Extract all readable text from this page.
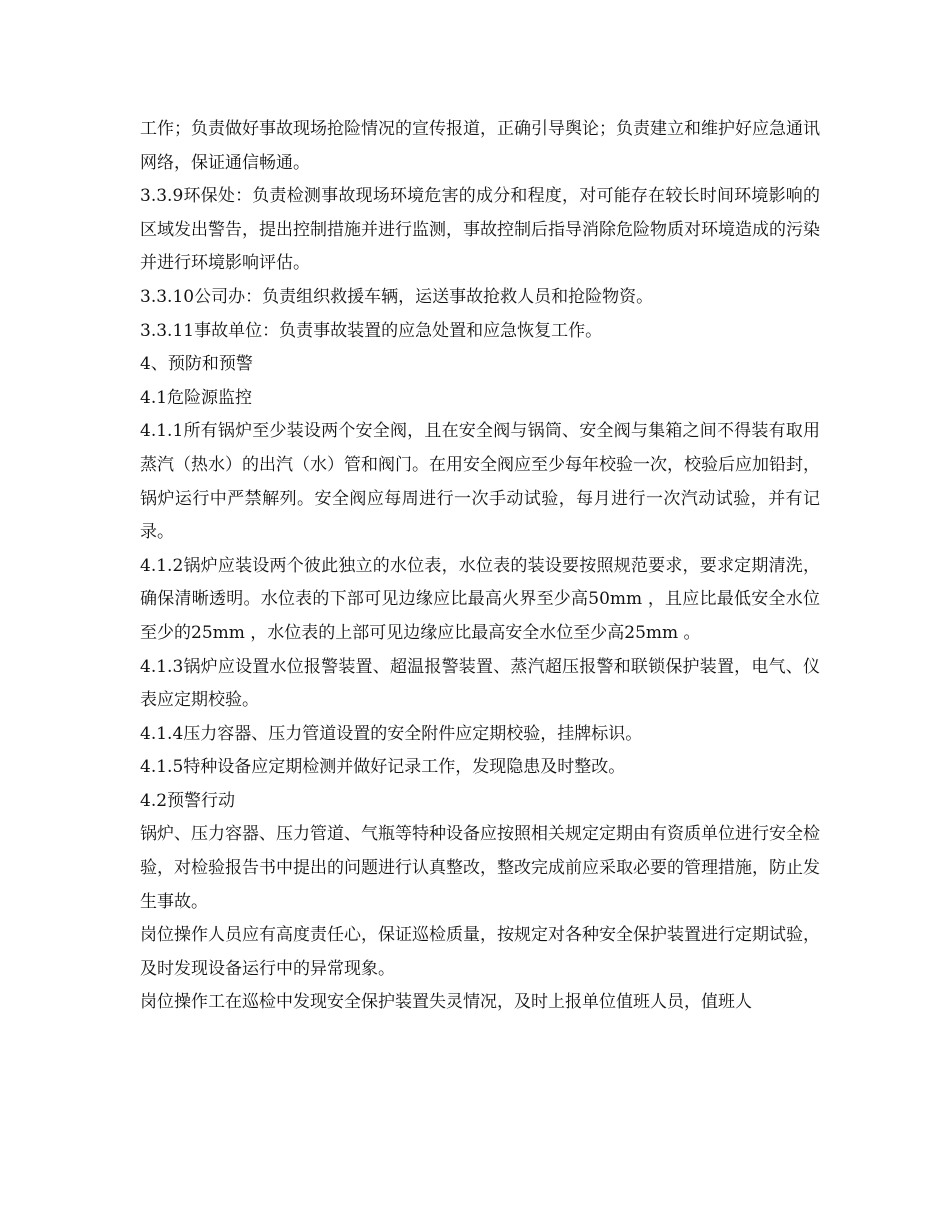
工作；负责做好事故现场抢险情况的宣传报道，正确引导舆论；负责建立和维护好应急通讯网络，保证通信畅通。

3.3.9环保处：负责检测事故现场环境危害的成分和程度，对可能存在较长时间环境影响的区域发出警告，提出控制措施并进行监测，事故控制后指导消除危险物质对环境造成的污染并进行环境影响评估。

3.3.10公司办：负责组织救援车辆，运送事故抢救人员和抢险物资。

3.3.11事故单位：负责事故装置的应急处置和应急恢复工作。

4、预防和预警

4.1危险源监控

4.1.1所有锅炉至少装设两个安全阀，且在安全阀与锅筒、安全阀与集箱之间不得装有取用蒸汽（热水）的出汽（水）管和阀门。在用安全阀应至少每年校验一次，校验后应加铅封，锅炉运行中严禁解列。安全阀应每周进行一次手动试验，每月进行一次汽动试验，并有记录。

4.1.2锅炉应装设两个彼此独立的水位表，水位表的装设要按照规范要求，要求定期清洗，确保清晰透明。水位表的下部可见边缘应比最高火界至少高50mm ，且应比最低安全水位至少的25mm ，水位表的上部可见边缘应比最高安全水位至少高25mm 。

4.1.3锅炉应设置水位报警装置、超温报警装置、蒸汽超压报警和联锁保护装置，电气、仪表应定期校验。

4.1.4压力容器、压力管道设置的安全附件应定期校验，挂牌标识。

4.1.5特种设备应定期检测并做好记录工作，发现隐患及时整改。

4.2预警行动

锅炉、压力容器、压力管道、气瓶等特种设备应按照相关规定定期由有资质单位进行安全检验，对检验报告书中提出的问题进行认真整改，整改完成前应采取必要的管理措施，防止发生事故。

岗位操作人员应有高度责任心，保证巡检质量，按规定对各种安全保护装置进行定期试验，及时发现设备运行中的异常现象。

岗位操作工在巡检中发现安全保护装置失灵情况，及时上报单位值班人员，值班人
